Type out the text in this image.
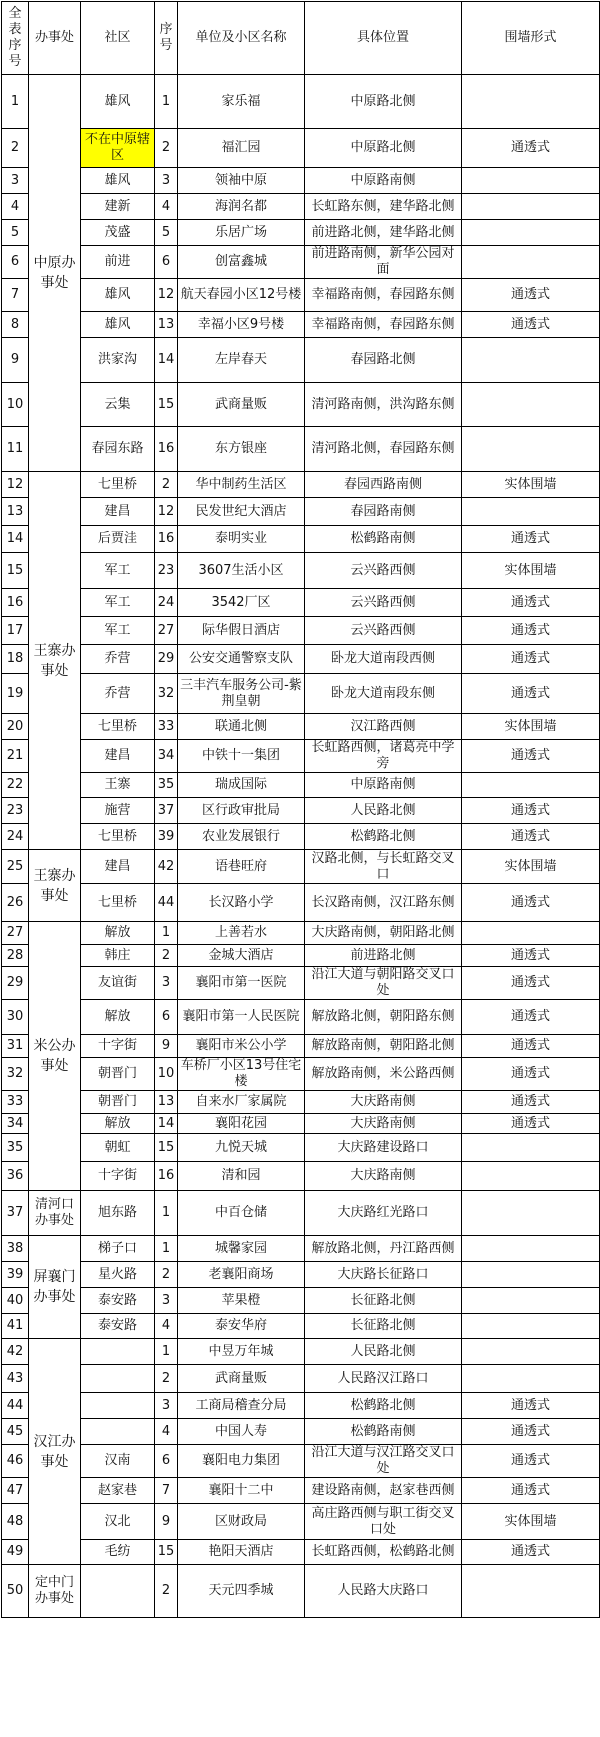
全表序号	办事处	社区	序号	单位及小区名称	具体位置	围墙形式
1	中原办事处	雄风	1	家乐福	中原路北侧	
2		不在中原辖区	2	福汇园	中原路北侧	通透式
3		雄风	3	领袖中原	中原路南侧	
4		建新	4	海润名都	长虹路东侧，建华路北侧	
5		茂盛	5	乐居广场	前进路北侧，建华路北侧	
6		前进	6	创富鑫城	前进路南侧，新华公园对面	
7		雄风	12	航天春园小区12号楼	幸福路南侧，春园路东侧	通透式
8		雄风	13	幸福小区9号楼	幸福路南侧，春园路东侧	通透式
9		洪家沟	14	左岸春天	春园路北侧	
10		云集	15	武商量贩	清河路南侧，洪沟路东侧	
11		春园东路	16	东方银座	清河路北侧，春园路东侧	
12	王寨办事处	七里桥	2	华中制药生活区	春园西路南侧	实体围墙
13		建昌	12	民发世纪大酒店	春园路南侧	
14		后贾洼	16	泰明实业	松鹤路南侧	通透式
15		军工	23	3607生活小区	云兴路西侧	实体围墙
16		军工	24	3542厂区	云兴路西侧	通透式
17		军工	27	际华假日酒店	云兴路西侧	通透式
18		乔营	29	公安交通警察支队	卧龙大道南段西侧	通透式
19		乔营	32	三丰汽车服务公司-紫荆皇朝	卧龙大道南段东侧	通透式
20		七里桥	33	联通北侧	汉江路西侧	实体围墙
21		建昌	34	中铁十一集团	长虹路西侧，诸葛亮中学旁	通透式
22		王寨	35	瑞成国际	中原路南侧	
23		施营	37	区行政审批局	人民路北侧	通透式
24		七里桥	39	农业发展银行	松鹤路北侧	通透式
25	王寨办事处	建昌	42	语巷旺府	汉路北侧，与长虹路交叉口	实体围墙
26		七里桥	44	长汉路小学	长汉路南侧，汉江路东侧	通透式
27	米公办事处	解放	1	上善若水	大庆路南侧，朝阳路北侧	
28		韩庄	2	金城大酒店	前进路北侧	通透式
29		友谊街	3	襄阳市第一医院	沿江大道与朝阳路交叉口处	通透式
30		解放	6	襄阳市第一人民医院	解放路北侧，朝阳路东侧	通透式
31		十字街	9	襄阳市米公小学	解放路南侧，朝阳路北侧	通透式
32		朝晋门	10	车桥厂小区13号住宅楼	解放路南侧，米公路西侧	通透式
33		朝晋门	13	自来水厂家属院	大庆路南侧	通透式
34		解放	14	襄阳花园	大庆路南侧	通透式
35		朝虹	15	九悦天城	大庆路建设路口	
36		十字街	16	清和园	大庆路南侧	
37	清河口办事处	旭东路	1	中百仓储	大庆路红光路口	
38	屏襄门办事处	梯子口	1	城馨家园	解放路北侧，丹江路西侧	
39		星火路	2	老襄阳商场	大庆路长征路口	
40		泰安路	3	苹果橙	长征路北侧	
41		泰安路	4	泰安华府	长征路北侧	
42	汉江办事处		1	中昱万年城	人民路北侧	
43			2	武商量贩	人民路汉江路口	
44			3	工商局稽查分局	松鹤路北侧	通透式
45			4	中国人寿	松鹤路南侧	通透式
46		汉南	6	襄阳电力集团	沿江大道与汉江路交叉口处	通透式
47		赵家巷	7	襄阳十二中	建设路南侧，赵家巷西侧	通透式
48		汉北	9	区财政局	高庄路西侧与职工街交叉口处	实体围墙
49		毛纺	15	艳阳天酒店	长虹路西侧，松鹤路北侧	通透式
50	定中门办事处		2	天元四季城	人民路大庆路口	
